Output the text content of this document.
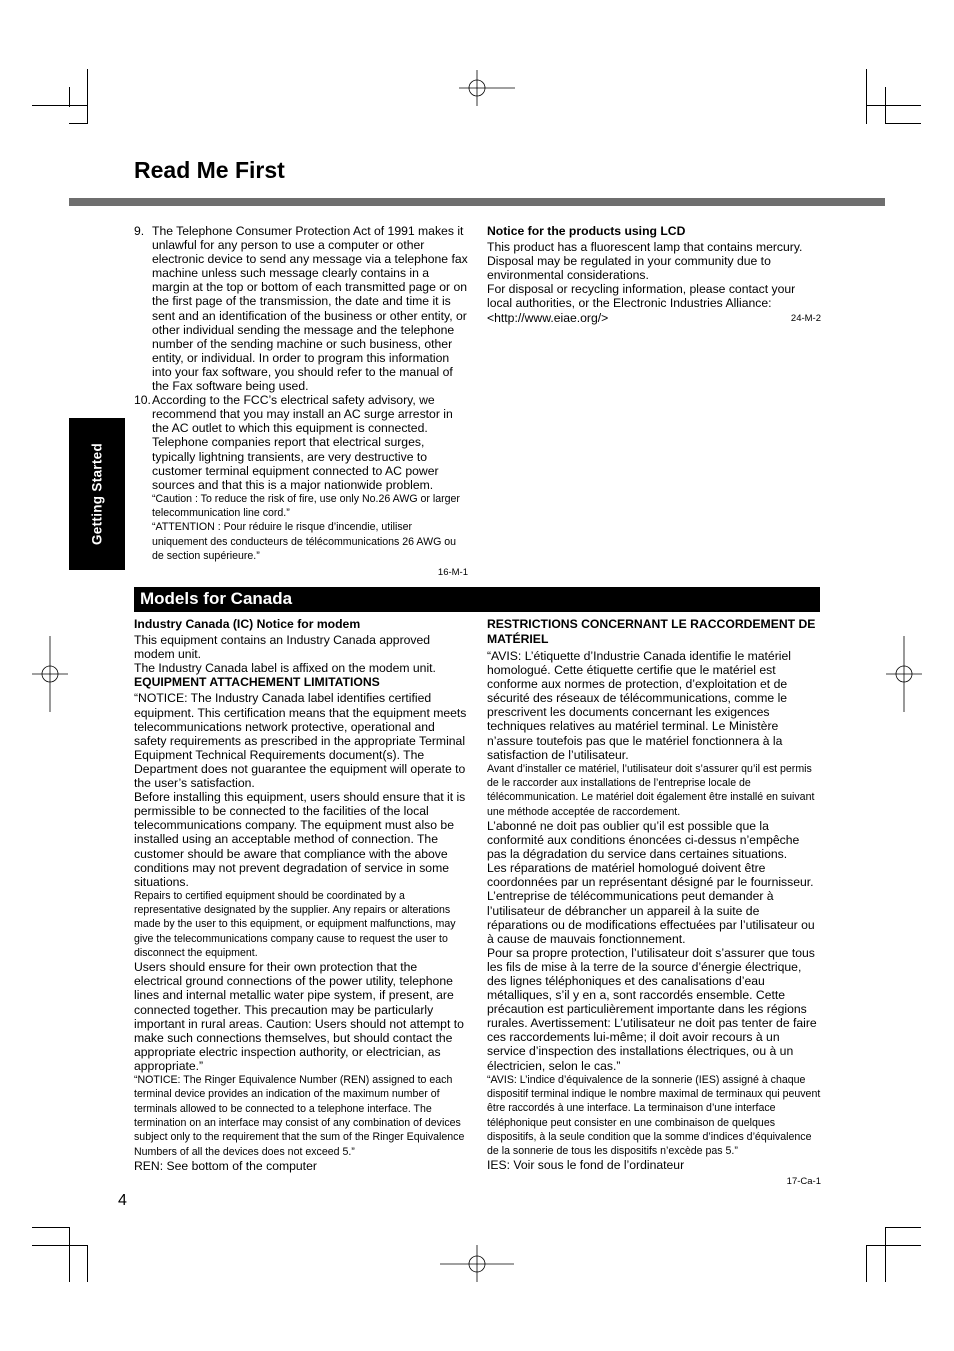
Read Me First
Getting Started
9. The Telephone Consumer Protection Act of 1991 makes it unlawful for any person to use a computer or other electronic device to send any message via a telephone fax machine unless such message clearly contains in a margin at the top or bottom of each transmitted page or on the first page of the transmission, the date and time it is sent and an identification of the business or other entity, or other individual sending the message and the telephone number of the sending machine or such business, other entity, or individual. In order to program this information into your fax software, you should refer to the manual of the Fax software being used.

10. According to the FCC’s electrical safety advisory, we recommend that you may install an AC surge arrestor in the AC outlet to which this equipment is connected. Telephone companies report that electrical surges, typically lightning transients, are very destructive to customer terminal equipment connected to AC power sources and that this is a major nationwide problem.

“Caution : To reduce the risk of fire, use only No.26 AWG or larger telecommunication line cord.”

“ATTENTION : Pour réduire le risque d’incendie, utiliser uniquement des conducteurs de télécommunications 26 AWG ou de section supérieure.”

16-M-1

Notice for the products using LCD

This product has a fluorescent lamp that contains mercury. Disposal may be regulated in your community due to environmental considerations.

For disposal or recycling information, please contact your local authorities, or the Electronic Industries Alliance:

<http://www.eiae.org/>	24-M-2
Models for Canada

Industry Canada (IC) Notice for modem

This equipment contains an Industry Canada approved modem unit.

The Industry Canada label is affixed on the modem unit.

EQUIPMENT ATTACHEMENT LIMITATIONS

“NOTICE: The Industry Canada label identifies certified equipment. This certification means that the equipment meets telecommunications network protective, operational and safety requirements as prescribed in the appropriate Terminal Equipment Technical Requirements document(s). The Department does not guarantee the equipment will operate to the user’s satisfaction.

Before installing this equipment, users should ensure that it is permissible to be connected to the facilities of the local telecommunications company. The equipment must also be installed using an acceptable method of connection. The customer should be aware that compliance with the above conditions may not prevent degradation of service in some situations.

Repairs to certified equipment should be coordinated by a representative designated by the supplier. Any repairs or alterations made by the user to this equipment, or equipment malfunctions, may give the telecommunications company cause to request the user to disconnect the equipment.

Users should ensure for their own protection that the electrical ground connections of the power utility, telephone lines and internal metallic water pipe system, if present, are connected together. This precaution may be particularly important in rural areas. Caution: Users should not attempt to make such connections themselves, but should contact the appropriate electric inspection authority, or electrician, as appropriate.”

“NOTICE: The Ringer Equivalence Number (REN) assigned to each terminal device provides an indication of the maximum number of terminals allowed to be connected to a telephone interface. The termination on an interface may consist of any combination of devices subject only to the requirement that the sum of the Ringer Equivalence Numbers of all the devices does not exceed 5.”

REN: See bottom of the computer

RESTRICTIONS CONCERNANT LE RACCORDEMENT DE MATÉRIEL

“AVIS: L’étiquette d’Industrie Canada identifie le matériel homologué. Cette étiquette certifie que le matériel est conforme aux normes de protection, d’exploitation et de sécurité des réseaux de télécommunications, comme le prescrivent les documents concernant les exigences techniques relatives au matériel terminal. Le Ministère n’assure toutefois pas que le matériel fonctionnera à la satisfaction de l’utilisateur.

Avant d’installer ce matériel, l’utilisateur doit s’assurer qu’il est permis de le raccorder aux installations de l’entreprise locale de télécommunication. Le matériel doit également être installé en suivant une méthode acceptée de raccordement.

L’abonné ne doit pas oublier qu’il est possible que la conformité aux conditions énoncées ci-dessus n’empêche pas la dégradation du service dans certaines situations.

Les réparations de matériel homologué doivent être coordonnées par un représentant désigné par le fournisseur. L’entreprise de télécommunications peut demander à l’utilisateur de débrancher un appareil à la suite de réparations ou de modifications effectuées par l’utilisateur ou à cause de mauvais fonctionnement.

Pour sa propre protection, l’utilisateur doit s’assurer que tous les fils de mise à la terre de la source d’énergie électrique, des lignes téléphoniques et des canalisations d’eau métalliques, s’il y en a, sont raccordés ensemble. Cette précaution est particulièrement importante dans les régions rurales. Avertissement: L’utilisateur ne doit pas tenter de faire ces raccordements lui-même; il doit avoir recours à un service d’inspection des installations électriques, ou à un électricien, selon le cas.”

“AVIS: L’indice d’équivalence de la sonnerie (IES) assigné à chaque dispositif terminal indique le nombre maximal de terminaux qui peuvent être raccordés à une interface. La terminaison d’une interface téléphonique peut consister en une combinaison de quelques dispositifs, à la seule condition que la somme d’indices d’équivalence de la sonnerie de tous les dispositifs n’excède pas 5.”

IES: Voir sous le fond de l’ordinateur

17-Ca-1

4
